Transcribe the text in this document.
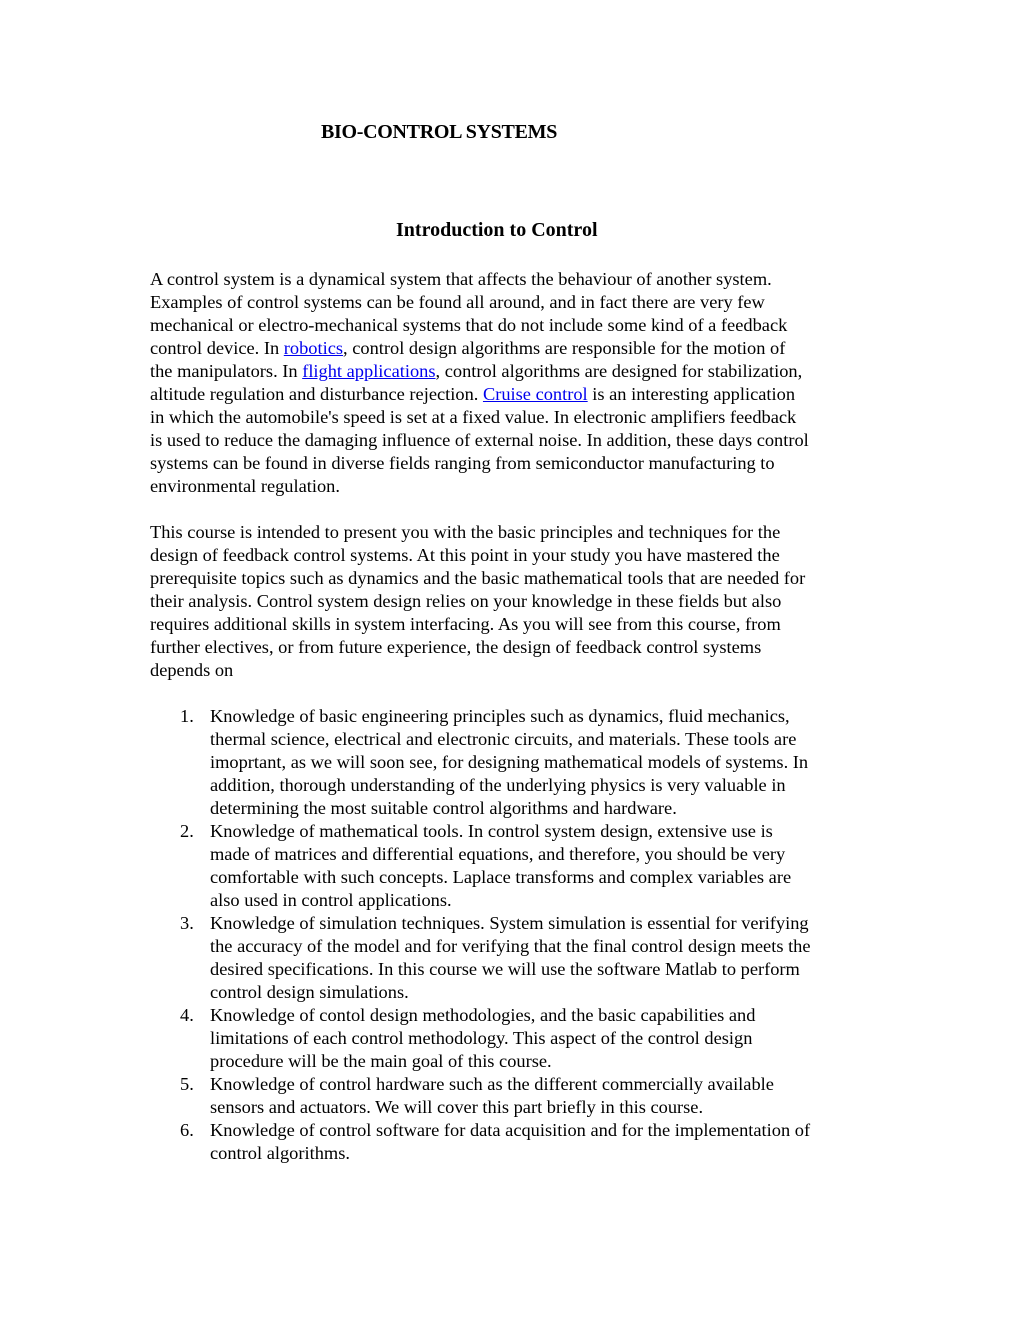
BIO-CONTROL SYSTEMS
Introduction to Control
A control system is a dynamical system that affects the behaviour of another system.
Examples of control systems can be found all around, and in fact there are very few
mechanical or electro-mechanical systems that do not include some kind of a feedback
control device. In robotics, control design algorithms are responsible for the motion of
the manipulators. In flight applications, control algorithms are designed for stabilization,
altitude regulation and disturbance rejection. Cruise control is an interesting application
in which the automobile's speed is set at a fixed value. In electronic amplifiers feedback
is used to reduce the damaging influence of external noise. In addition, these days control
systems can be found in diverse fields ranging from semiconductor manufacturing to
environmental regulation.
This course is intended to present you with the basic principles and techniques for the
design of feedback control systems. At this point in your study you have mastered the
prerequisite topics such as dynamics and the basic mathematical tools that are needed for
their analysis. Control system design relies on your knowledge in these fields but also
requires additional skills in system interfacing. As you will see from this course, from
further electives, or from future experience, the design of feedback control systems
depends on
1. Knowledge of basic engineering principles such as dynamics, fluid mechanics,
thermal science, electrical and electronic circuits, and materials. These tools are
imoprtant, as we will soon see, for designing mathematical models of systems. In
addition, thorough understanding of the underlying physics is very valuable in
determining the most suitable control algorithms and hardware.
2. Knowledge of mathematical tools. In control system design, extensive use is
made of matrices and differential equations, and therefore, you should be very
comfortable with such concepts. Laplace transforms and complex variables are
also used in control applications.
3. Knowledge of simulation techniques. System simulation is essential for verifying
the accuracy of the model and for verifying that the final control design meets the
desired specifications. In this course we will use the software Matlab to perform
control design simulations.
4. Knowledge of contol design methodologies, and the basic capabilities and
limitations of each control methodology. This aspect of the control design
procedure will be the main goal of this course.
5. Knowledge of control hardware such as the different commercially available
sensors and actuators. We will cover this part briefly in this course.
6. Knowledge of control software for data acquisition and for the implementation of
control algorithms.
